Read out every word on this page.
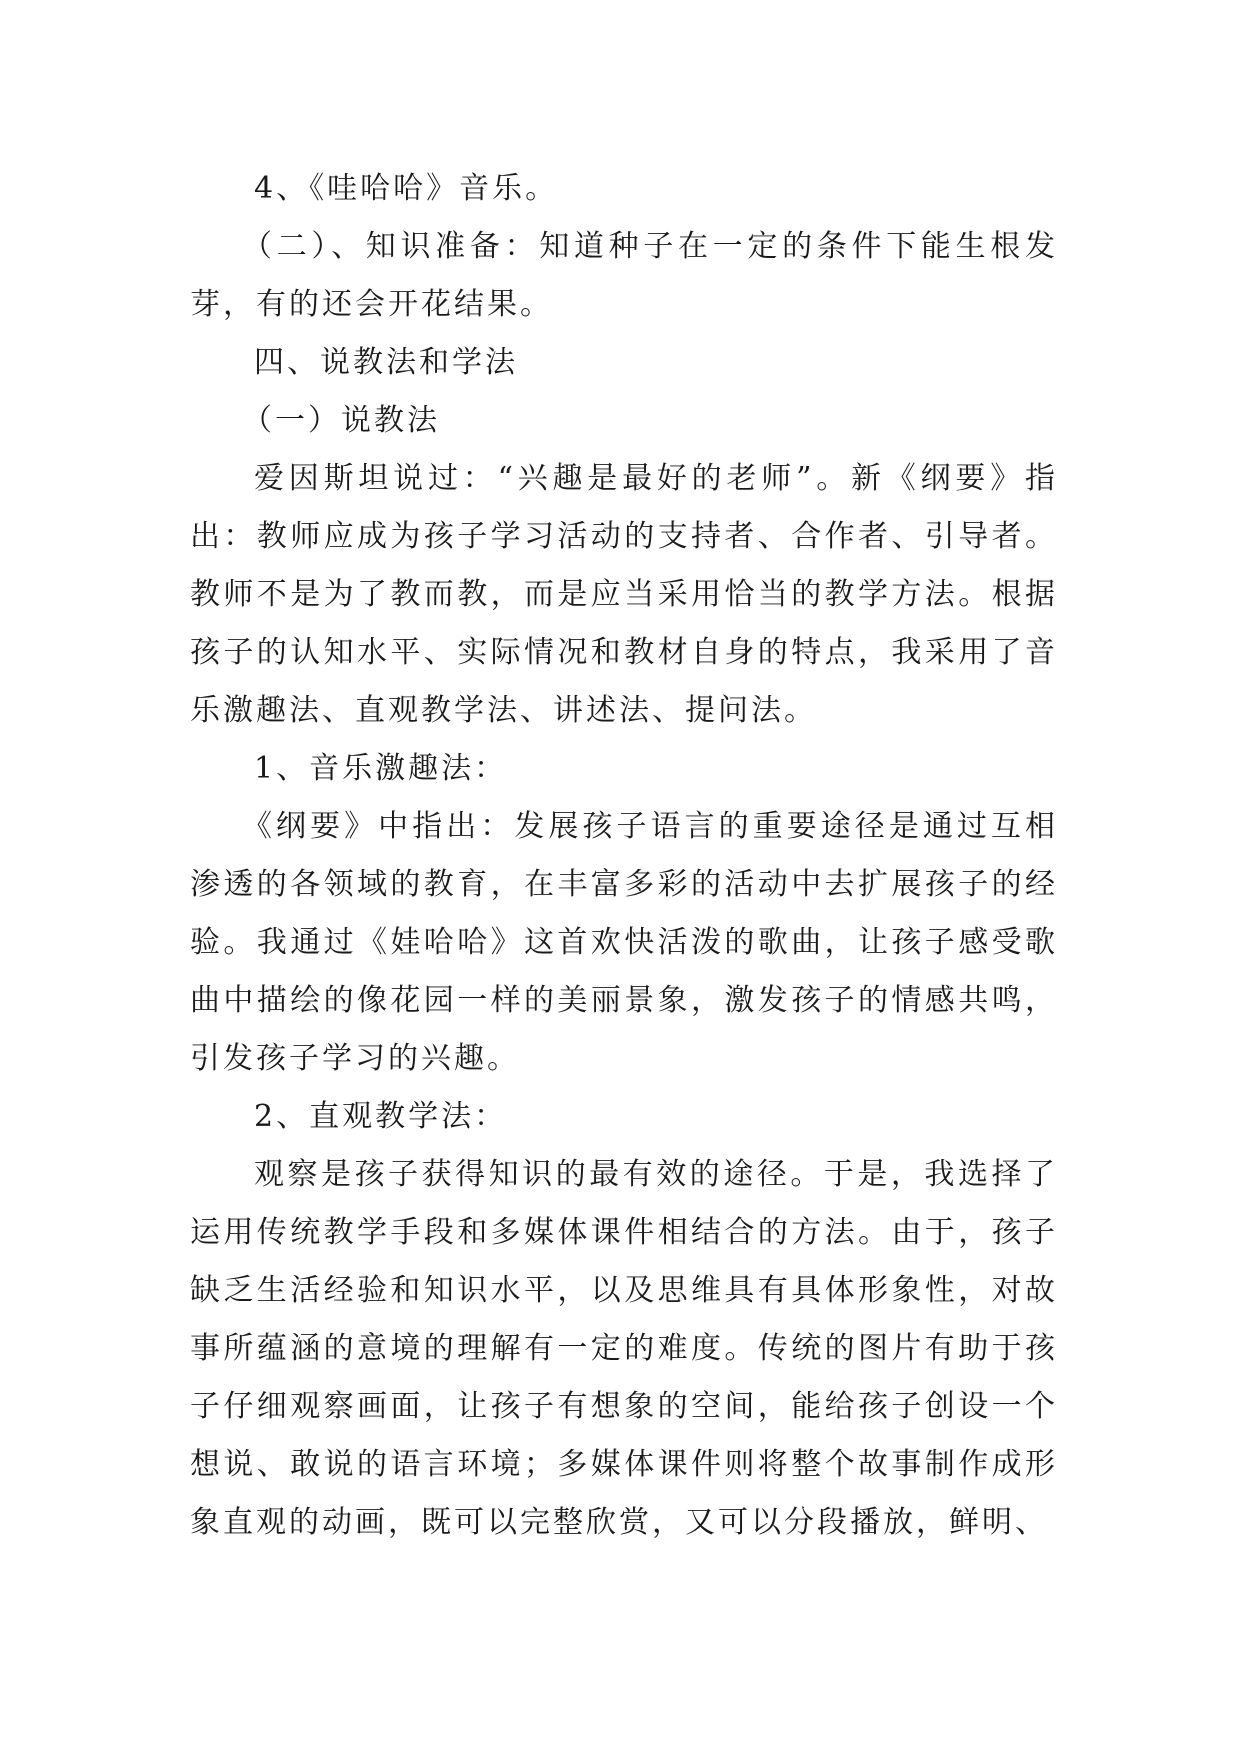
4、《哇哈哈》音乐。

（二）、知识准备：知道种子在一定的条件下能生根发芽，有的还会开花结果。

四、说教法和学法

（一）说教法

爱因斯坦说过：“兴趣是最好的老师”。新《纲要》指出：教师应成为孩子学习活动的支持者、合作者、引导者。教师不是为了教而教，而是应当采用恰当的教学方法。根据孩子的认知水平、实际情况和教材自身的特点，我采用了音乐激趣法、直观教学法、讲述法、提问法。

1、音乐激趣法：

《纲要》中指出：发展孩子语言的重要途径是通过互相渗透的各领域的教育，在丰富多彩的活动中去扩展孩子的经验。我通过《娃哈哈》这首欢快活泼的歌曲，让孩子感受歌曲中描绘的像花园一样的美丽景象，激发孩子的情感共鸣，引发孩子学习的兴趣。

2、直观教学法：

观察是孩子获得知识的最有效的途径。于是，我选择了运用传统教学手段和多媒体课件相结合的方法。由于，孩子缺乏生活经验和知识水平，以及思维具有具体形象性，对故事所蕴涵的意境的理解有一定的难度。传统的图片有助于孩子仔细观察画面，让孩子有想象的空间，能给孩子创设一个想说、敢说的语言环境；多媒体课件则将整个故事制作成形象直观的动画，既可以完整欣赏，又可以分段播放，鲜明、
